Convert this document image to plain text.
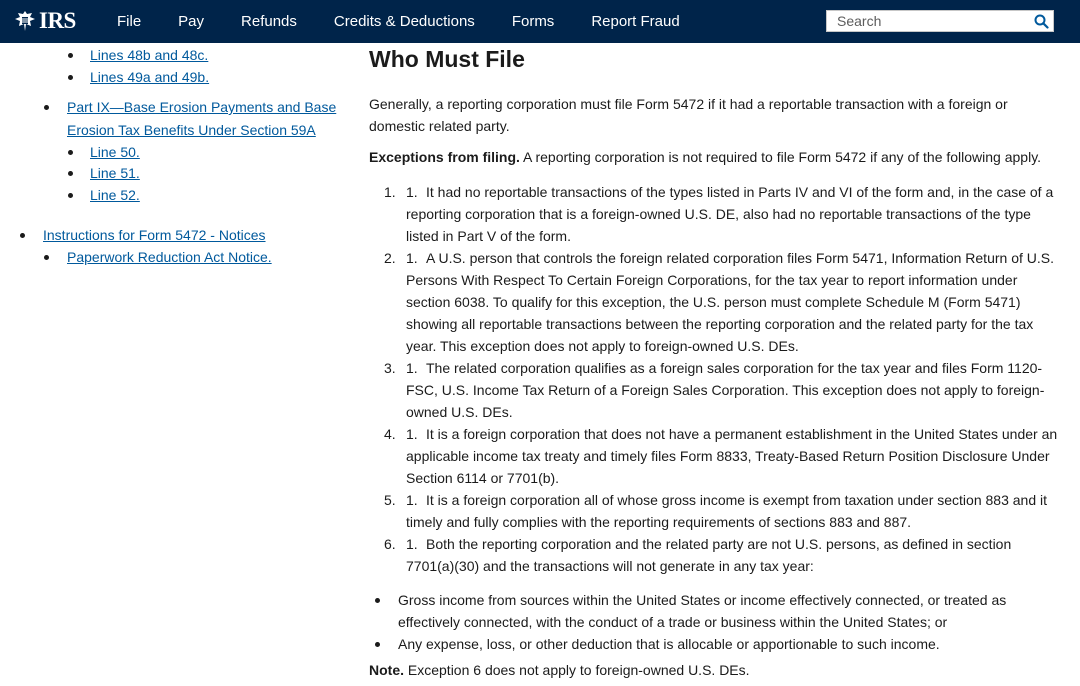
IRS	File Pay Refunds Credits & Deductions Forms Report Fraud
Search
Lines 48b and 48c.
Lines 49a and 49b.
Part IX—Base Erosion Payments and Base
Erosion Tax Benefits Under Section 59A
Line 50.
Line 51.
Line 52.
Instructions for Form 5472 - Notices
Paperwork Reduction Act Notice.
Who Must File

Generally, a reporting corporation must file Form 5472 if it had a reportable transaction with a foreign or domestic related party.

Exceptions from filing. A reporting corporation is not required to file Form 5472 if any of the following apply.

1. 1. It had no reportable transactions of the types listed in Parts IV and VI of the form and, in the case of a reporting corporation that is a foreign-owned U.S. DE, also had no reportable transactions of the type listed in Part V of the form.
2. 1. A U.S. person that controls the foreign related corporation files Form 5471, Information Return of U.S. Persons With Respect To Certain Foreign Corporations, for the tax year to report information under section 6038. To qualify for this exception, the U.S. person must complete Schedule M (Form 5471) showing all reportable transactions between the reporting corporation and the related party for the tax year. This exception does not apply to foreign-owned U.S. DEs.
3. 1. The related corporation qualifies as a foreign sales corporation for the tax year and files Form 1120-FSC, U.S. Income Tax Return of a Foreign Sales Corporation. This exception does not apply to foreign-owned U.S. DEs.
4. 1. It is a foreign corporation that does not have a permanent establishment in the United States under an applicable income tax treaty and timely files Form 8833, Treaty-Based Return Position Disclosure Under Section 6114 or 7701(b).
5. 1. It is a foreign corporation all of whose gross income is exempt from taxation under section 883 and it timely and fully complies with the reporting requirements of sections 883 and 887.
6. 1. Both the reporting corporation and the related party are not U.S. persons, as defined in section 7701(a)(30) and the transactions will not generate in any tax year:
Gross income from sources within the United States or income effectively connected, or treated as effectively connected, with the conduct of a trade or business within the United States; or
Any expense, loss, or other deduction that is allocable or apportionable to such income.

Note. Exception 6 does not apply to foreign-owned U.S. DEs.
